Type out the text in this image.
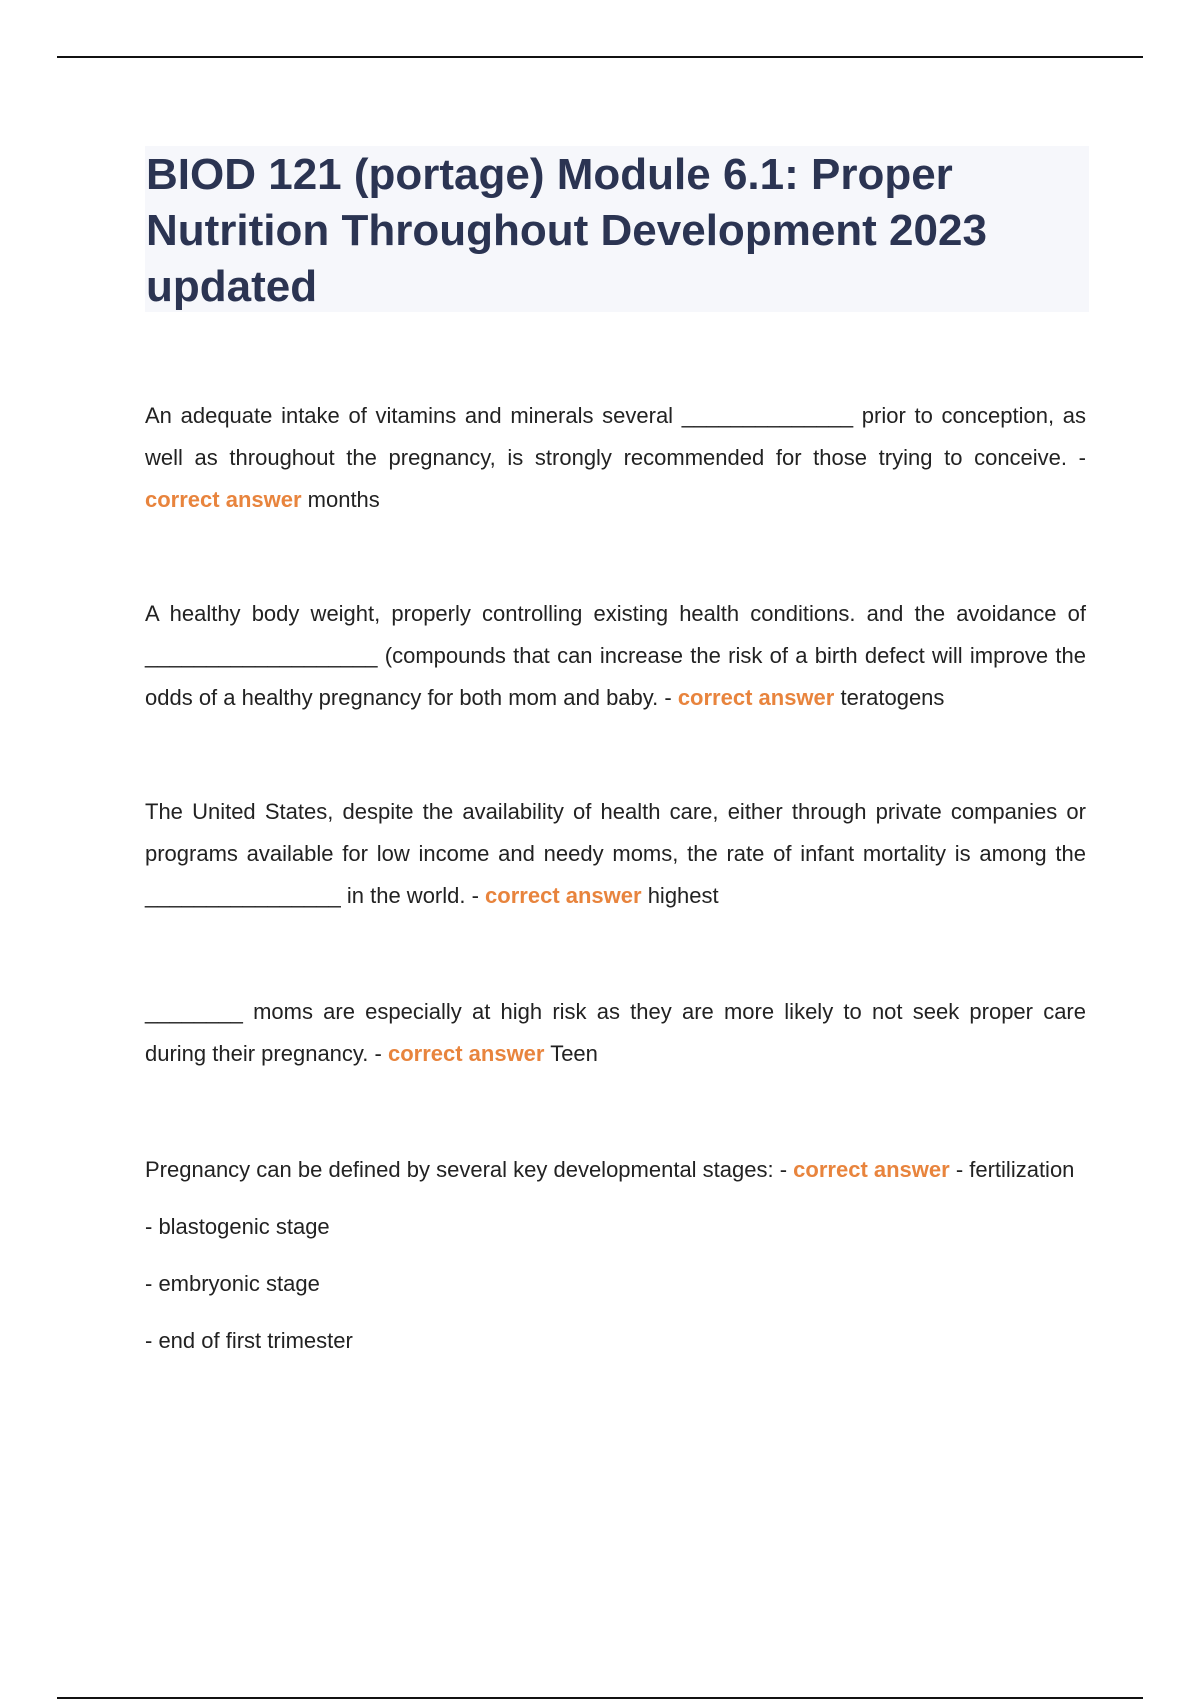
BIOD 121 (portage) Module 6.1: Proper Nutrition Throughout Development 2023 updated

An adequate intake of vitamins and minerals several ______________ prior to conception, as well as throughout the pregnancy, is strongly recommended for those trying to conceive. - correct answer months

A healthy body weight, properly controlling existing health conditions. and the avoidance of ___________________ (compounds that can increase the risk of a birth defect will improve the odds of a healthy pregnancy for both mom and baby. - correct answer teratogens

The United States, despite the availability of health care, either through private companies or programs available for low income and needy moms, the rate of infant mortality is among the ________________ in the world. - correct answer highest

________ moms are especially at high risk as they are more likely to not seek proper care during their pregnancy. - correct answer Teen

Pregnancy can be defined by several key developmental stages: - correct answer - fertilization

- blastogenic stage

- embryonic stage

- end of first trimester
